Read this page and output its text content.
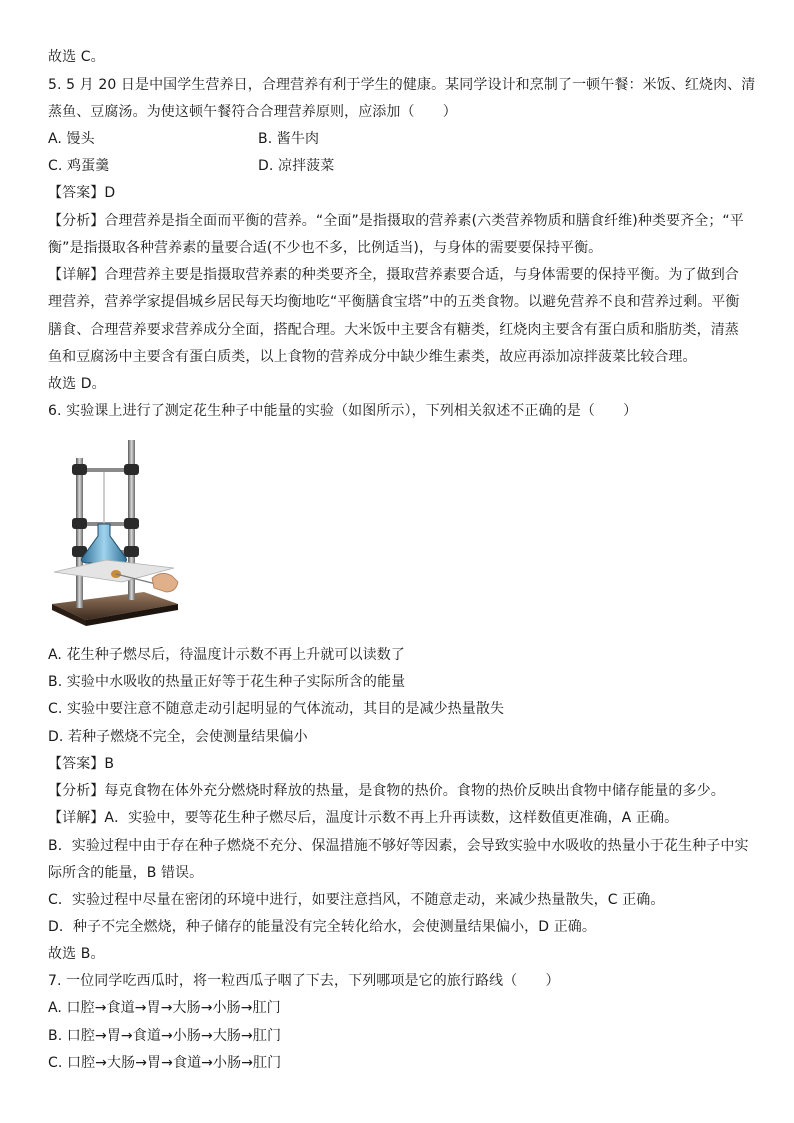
故选 C。
5. 5 月 20 日是中国学生营养日，合理营养有利于学生的健康。某同学设计和烹制了一顿午餐：米饭、红烧肉、清
蒸鱼、豆腐汤。为使这顿午餐符合合理营养原则，应添加（　　）
A. 馒头	B. 酱牛肉
C. 鸡蛋羹	D. 凉拌菠菜
【答案】D
【分析】合理营养是指全面而平衡的营养。“全面”是指摄取的营养素(六类营养物质和膳食纤维)种类要齐全；“平
衡”是指摄取各种营养素的量要合适(不少也不多，比例适当)，与身体的需要要保持平衡。
【详解】合理营养主要是指摄取营养素的种类要齐全，摄取营养素要合适，与身体需要的保持平衡。为了做到合
理营养，营养学家提倡城乡居民每天均衡地吃“平衡膳食宝塔”中的五类食物。以避免营养不良和营养过剩。平衡
膳食、合理营养要求营养成分全面，搭配合理。大米饭中主要含有糖类，红烧肉主要含有蛋白质和脂肪类，清蒸
鱼和豆腐汤中主要含有蛋白质类，以上食物的营养成分中缺少维生素类，故应再添加凉拌菠菜比较合理。
故选 D。
6. 实验课上进行了测定花生种子中能量的实验（如图所示），下列相关叙述不正确的是（　　）
A. 花生种子燃尽后，待温度计示数不再上升就可以读数了
B. 实验中水吸收的热量正好等于花生种子实际所含的能量
C. 实验中要注意不随意走动引起明显的气体流动，其目的是减少热量散失
D. 若种子燃烧不完全，会使测量结果偏小
【答案】B
【分析】每克食物在体外充分燃烧时释放的热量，是食物的热价。食物的热价反映出食物中储存能量的多少。
【详解】A．实验中，要等花生种子燃尽后，温度计示数不再上升再读数，这样数值更准确，A 正确。
B．实验过程中由于存在种子燃烧不充分、保温措施不够好等因素，会导致实验中水吸收的热量小于花生种子中实
际所含的能量，B 错误。
C．实验过程中尽量在密闭的环境中进行，如要注意挡风，不随意走动，来减少热量散失，C 正确。
D．种子不完全燃烧，种子储存的能量没有完全转化给水，会使测量结果偏小，D 正确。
故选 B。
7. 一位同学吃西瓜时，将一粒西瓜子咽了下去，下列哪项是它的旅行路线（　　）
A. 口腔→食道→胃→大肠→小肠→肛门
B. 口腔→胃→食道→小肠→大肠→肛门
C. 口腔→大肠→胃→食道→小肠→肛门
